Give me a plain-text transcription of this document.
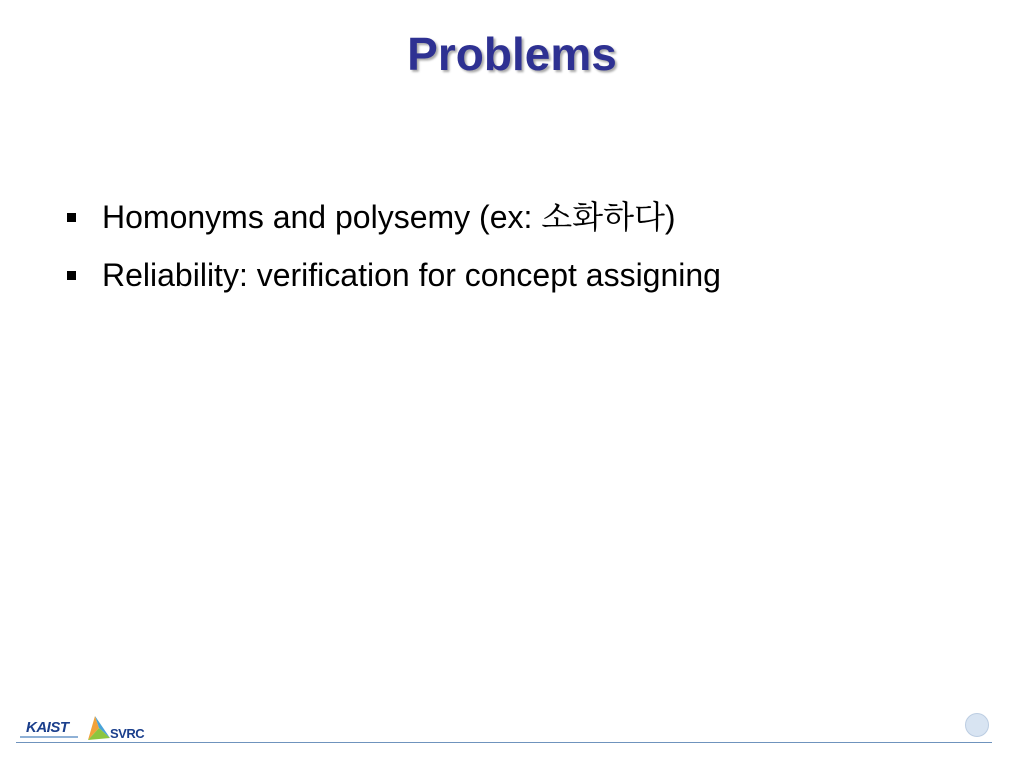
Problems
Homonyms and polysemy (ex: 소화하다)
Reliability: verification for concept assigning
KAIST	SVRC
